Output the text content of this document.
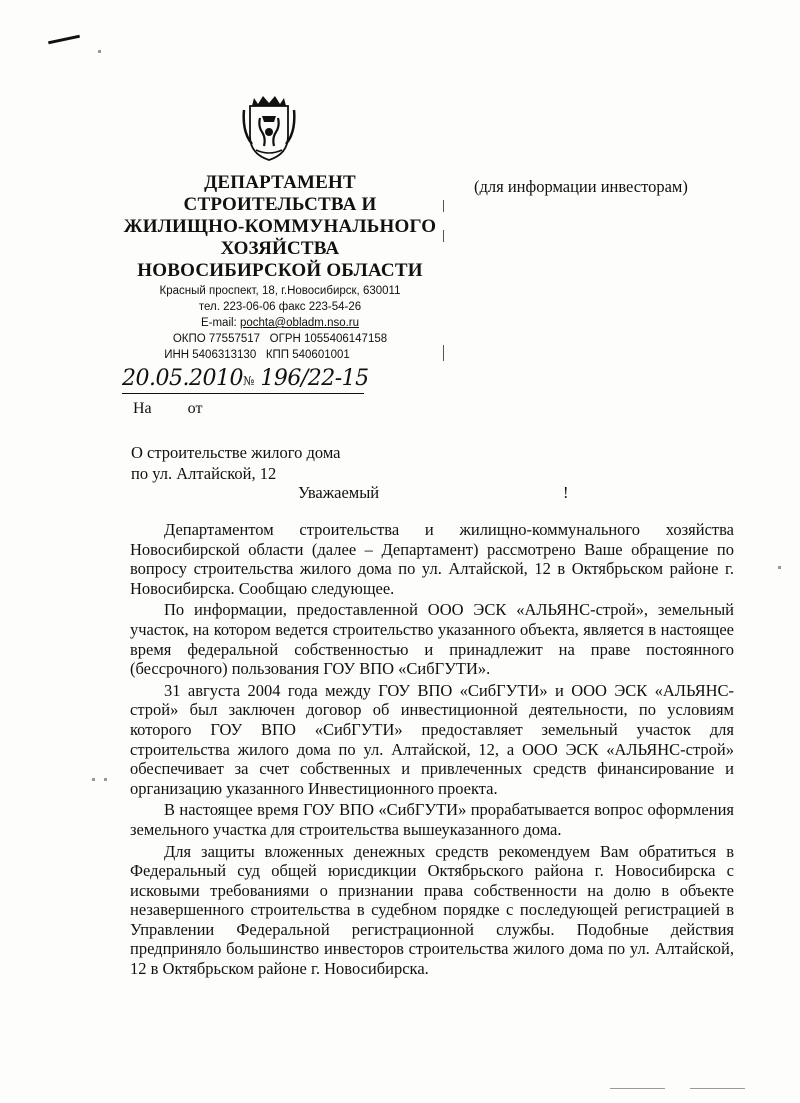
ДЕПАРТАМЕНТ
СТРОИТЕЛЬСТВА И
ЖИЛИЩНО-КОММУНАЛЬНОГО
ХОЗЯЙСТВА
НОВОСИБИРСКОЙ ОБЛАСТИ
Красный проспект, 18, г.Новосибирск, 630011
тел. 223-06-06 факс 223-54-26
E-mail: pochta@obladm.nso.ru
ОКПО 77557517 ОГРН 1055406147158
ИНН 5406313130 КПП 540601001
20.05.2010№ 196/22-15
На от
(для информации инвесторам)
О строительстве жилого дома
по ул. Алтайской, 12
Уважаемый	!

Департаментом строительства и жилищно-коммунального хозяйства Новосибирской области (далее – Департамент) рассмотрено Ваше обращение по вопросу строительства жилого дома по ул. Алтайской, 12 в Октябрьском районе г. Новосибирска. Сообщаю следующее.

По информации, предоставленной ООО ЭСК «АЛЬЯНС-строй», земельный участок, на котором ведется строительство указанного объекта, является в настоящее время федеральной собственностью и принадлежит на праве постоянного (бессрочного) пользования ГОУ ВПО «СибГУТИ».

31 августа 2004 года между ГОУ ВПО «СибГУТИ» и ООО ЭСК «АЛЬЯНС-строй» был заключен договор об инвестиционной деятельности, по условиям которого ГОУ ВПО «СибГУТИ» предоставляет земельный участок для строительства жилого дома по ул. Алтайской, 12, а ООО ЭСК «АЛЬЯНС-строй» обеспечивает за счет собственных и привлеченных средств финансирование и организацию указанного Инвестиционного проекта.

В настоящее время ГОУ ВПО «СибГУТИ» прорабатывается вопрос оформления земельного участка для строительства вышеуказанного дома.

Для защиты вложенных денежных средств рекомендуем Вам обратиться в Федеральный суд общей юрисдикции Октябрьского района г. Новосибирска с исковыми требованиями о признании права собственности на долю в объекте незавершенного строительства в судебном порядке с последующей регистрацией в Управлении Федеральной регистрационной службы. Подобные действия предприняло большинство инвесторов строительства жилого дома по ул. Алтайской, 12 в Октябрьском районе г. Новосибирска.
